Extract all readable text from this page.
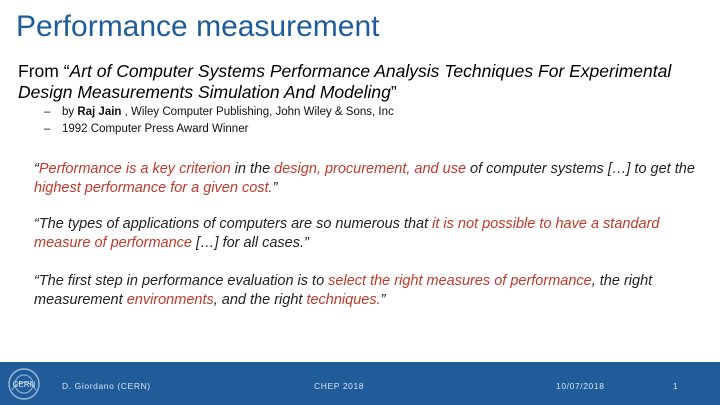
Performance measurement
From “Art of Computer Systems Performance Analysis Techniques For Experimental Design Measurements Simulation And Modeling”
– by Raj Jain , Wiley Computer Publishing, John Wiley & Sons, Inc
– 1992 Computer Press Award Winner
“Performance is a key criterion in the design, procurement, and use of computer systems […] to get the highest performance for a given cost.”
“The types of applications of computers are so numerous that it is not possible to have a standard measure of performance […] for all cases.”
“The first step in performance evaluation is to select the right measures of performance, the right measurement environments, and the right techniques.”
CERN	D. Giordano (CERN)	CHEP 2018	10/07/2018	1
